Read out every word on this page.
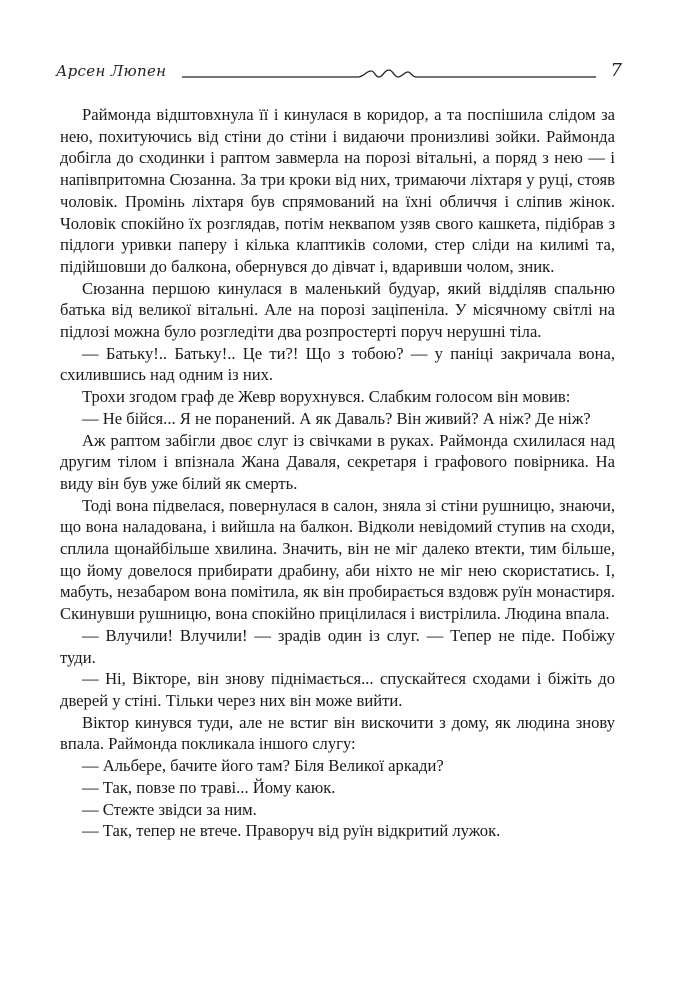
Арсен Люпен	7

Раймонда відштовхнула її і кинулася в коридор, а та поспішила слідом за нею, похитуючись від стіни до стіни і видаючи пронизливі зойки. Раймонда добігла до сходинки і раптом завмерла на порозі вітальні, а поряд з нею — і напівпритомна Сюзанна. За три кроки від них, тримаючи ліхтаря у руці, стояв чоловік. Промінь ліхтаря був спрямований на їхні обличчя і сліпив жінок. Чоловік спокійно їх розглядав, потім неквапом узяв свого кашкета, підібрав з підлоги уривки паперу і кілька клаптиків соломи, стер сліди на килимі та, підійшовши до балкона, обернувся до дівчат і, вдаривши чолом, зник.

Сюзанна першою кинулася в маленький будуар, який відділяв спальню батька від великої вітальні. Але на порозі заціпеніла. У місячному світлі на підлозі можна було розгледіти два розпростерті поруч нерушні тіла.

— Батьку!.. Батьку!.. Це ти?! Що з тобою? — у паніці закричала вона, схилившись над одним із них.

Трохи згодом граф де Жевр ворухнувся. Слабким голосом він мовив:

— Не бійся... Я не поранений. А як Даваль? Він живий? А ніж? Де ніж?

Аж раптом забігли двоє слуг із свічками в руках. Раймонда схилилася над другим тілом і впізнала Жана Даваля, секретаря і графового повірника. На виду він був уже білий як смерть.

Тоді вона підвелася, повернулася в салон, зняла зі стіни рушницю, знаючи, що вона наладована, і вийшла на балкон. Відколи невідомий ступив на сходи, сплила щонайбільше хвилина. Значить, він не міг далеко втекти, тим більше, що йому довелося прибирати драбину, аби ніхто не міг нею скористатись. І, мабуть, незабаром вона помітила, як він пробирається вздовж руїн монастиря. Скинувши рушницю, вона спокійно прицілилася і вистрілила. Людина впала.

— Влучили! Влучили! — зрадів один із слуг. — Тепер не піде. Побіжу туди.

— Ні, Вікторе, він знову піднімається... спускайтеся сходами і біжіть до дверей у стіні. Тільки через них він може вийти.

Віктор кинувся туди, але не встиг він вискочити з дому, як людина знову впала. Раймонда покликала іншого слугу:

— Альбере, бачите його там? Біля Великої аркади?

— Так, повзе по траві... Йому каюк.

— Стежте звідси за ним.

— Так, тепер не втече. Праворуч від руїн відкритий лужок.
